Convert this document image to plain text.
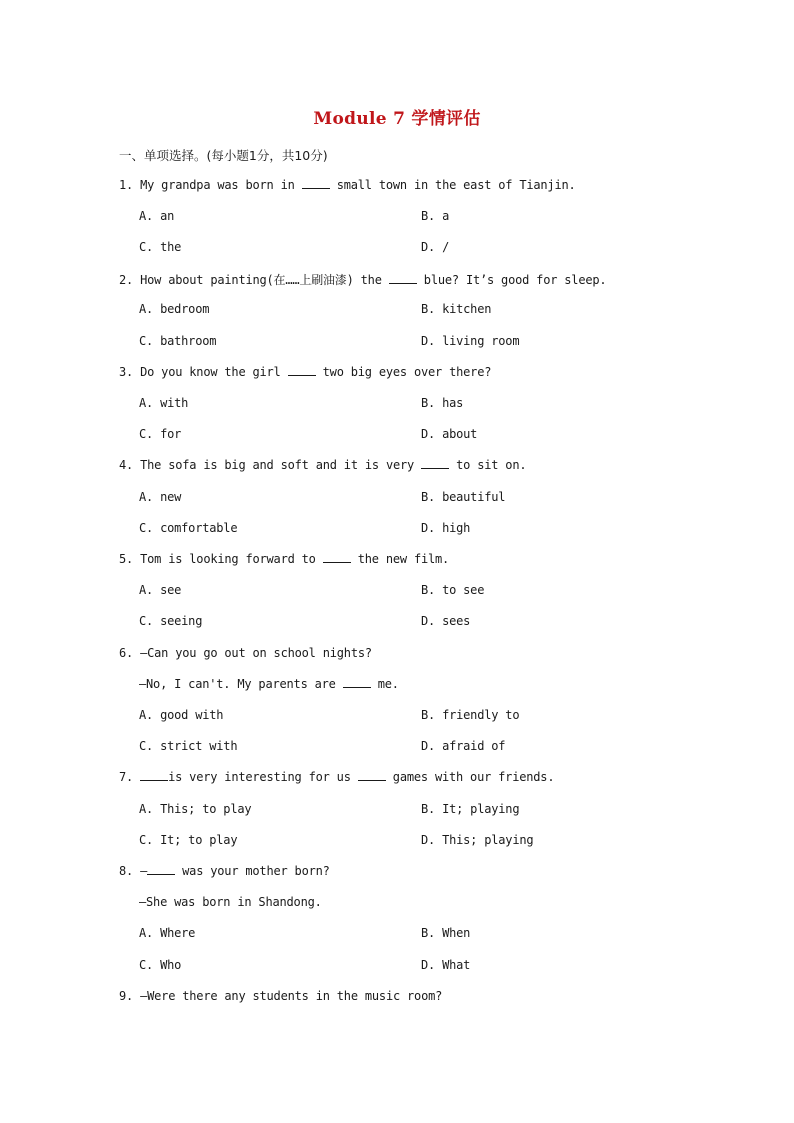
Module 7 学情评估
一、单项选择。(每小题1分，共10分)
1. My grandpa was born in  small town in the east of Tianjin.
A. an	B. a
C. the	D. /
2. How about painting(在……上刷油漆) the  blue? It’s good for sleep.
A. bedroom	B. kitchen
C. bathroom	D. living room
3. Do you know the girl  two big eyes over there?
A. with	B. has
C. for	D. about
4. The sofa is big and soft and it is very  to sit on.
A. new	B. beautiful
C. comfortable	D. high
5. Tom is looking forward to  the new film.
A. see	B. to see
C. seeing	D. sees
6. —Can you go out on school nights?
—No, I can't. My parents are  me.
A. good with	B. friendly to
C. strict with	D. afraid of
7.	is very interesting for us  games with our friends.
A. This; to play	B. It; playing
C. It; to play	D. This; playing
8. — was your mother born?
—She was born in Shandong.
A. Where	B. When
C. Who	D. What
9. —Were there any students in the music room?
